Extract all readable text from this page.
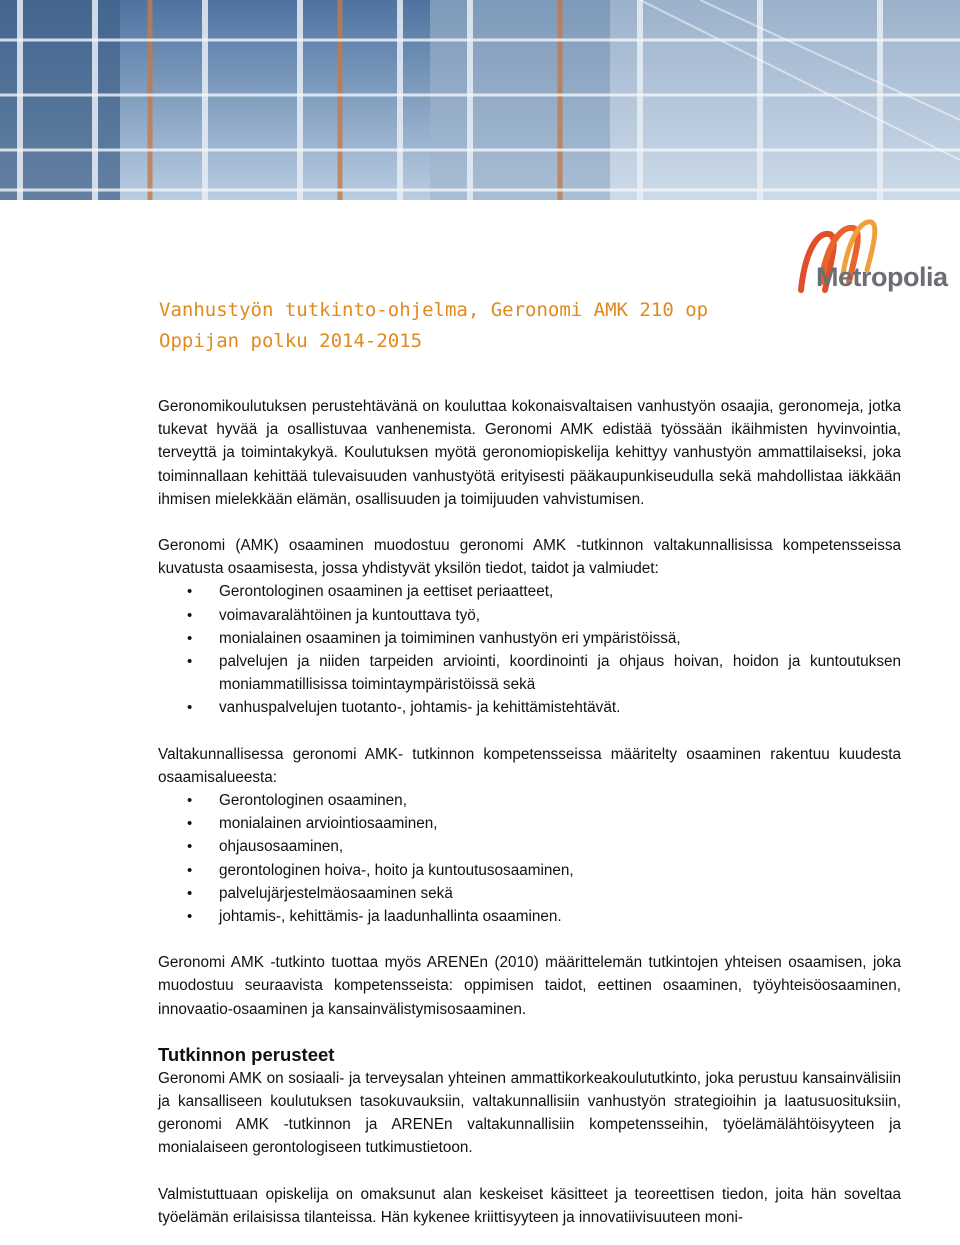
Metropolia
Vanhustyön tutkinto-ohjelma, Geronomi AMK 210 op
Oppijan polku 2014-2015

Geronomikoulutuksen perustehtävänä on kouluttaa kokonaisvaltaisen vanhustyön osaajia, geronomeja, jotka tukevat hyvää ja osallistuvaa vanhenemista. Geronomi AMK edistää työssään ikäihmisten hyvinvointia, terveyttä ja toimintakykyä. Koulutuksen myötä geronomiopiskelija kehittyy vanhustyön ammattilaiseksi, joka toiminnallaan kehittää tulevaisuuden vanhustyötä erityisesti pääkaupunkiseudulla sekä mahdollistaa iäkkään ihmisen mielekkään elämän, osallisuuden ja toimijuuden vahvistumisen.

Geronomi (AMK) osaaminen muodostuu geronomi AMK -tutkinnon valtakunnallisissa kompetensseissa kuvatusta osaamisesta, jossa yhdistyvät yksilön tiedot, taidot ja valmiudet:

• Gerontologinen osaaminen ja eettiset periaatteet,
• voimavaralähtöinen ja kuntouttava työ,
• monialainen osaaminen ja toimiminen vanhustyön eri ympäristöissä,
• palvelujen ja niiden tarpeiden arviointi, koordinointi ja ohjaus hoivan, hoidon ja kuntoutuksen moniammatillisissa toimintaympäristöissä sekä
• vanhuspalvelujen tuotanto-, johtamis- ja kehittämistehtävät.

Valtakunnallisessa geronomi AMK- tutkinnon kompetensseissa määritelty osaaminen rakentuu kuudesta osaamisalueesta:

• Gerontologinen osaaminen,
• monialainen arviointiosaaminen,
• ohjausosaaminen,
• gerontologinen hoiva-, hoito ja kuntoutusosaaminen,
• palvelujärjestelmäosaaminen sekä
• johtamis-, kehittämis- ja laadunhallinta osaaminen.

Geronomi AMK -tutkinto tuottaa myös ARENEn (2010) määrittelemän tutkintojen yhteisen osaamisen, joka muodostuu seuraavista kompetensseista: oppimisen taidot, eettinen osaaminen, työyhteisöosaaminen, innovaatio-osaaminen ja kansainvälistymisosaaminen.

Tutkinnon perusteet

Geronomi AMK on sosiaali- ja terveysalan yhteinen ammattikorkeakoulututkinto, joka perustuu kansainvälisiin ja kansalliseen koulutuksen tasokuvauksiin, valtakunnallisiin vanhustyön strategioihin ja laatusuosituksiin, geronomi AMK -tutkinnon ja ARENEn valtakunnallisiin kompetensseihin, työelämälähtöisyyteen ja monialaiseen gerontologiseen tutkimustietoon.

Valmistuttuaan opiskelija on omaksunut alan keskeiset käsitteet ja teoreettisen tiedon, joita hän soveltaa työelämän erilaisissa tilanteissa. Hän kykenee kriittisyyteen ja innovatiivisuuteen moni-
